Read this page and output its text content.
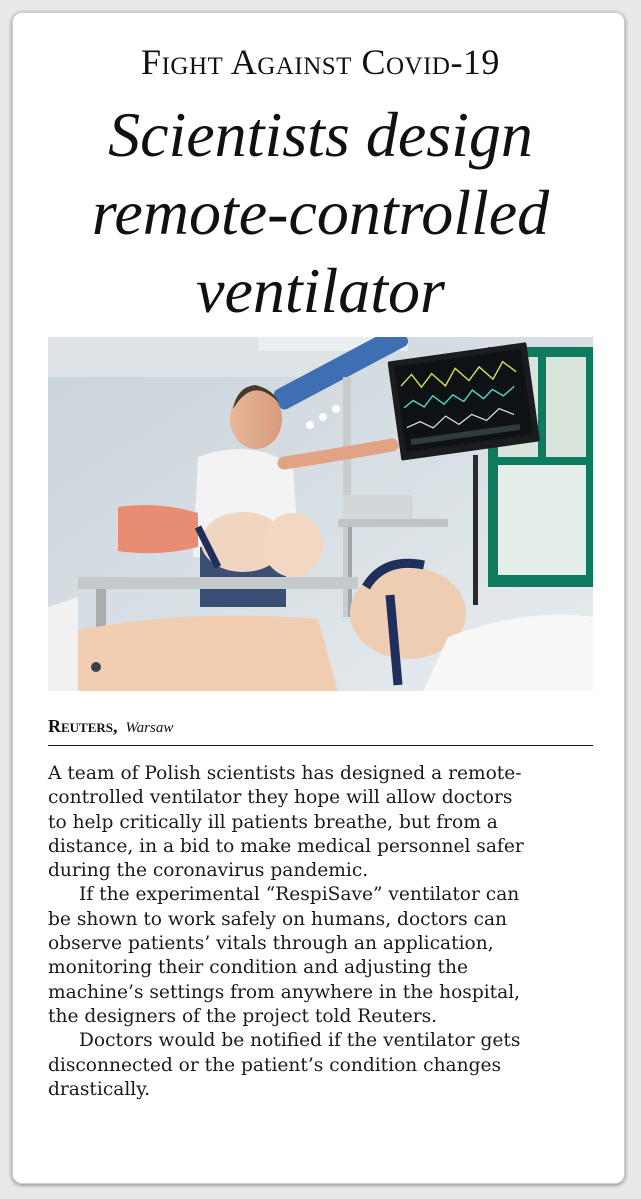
Fight Against Covid-19
Scientists design
remote-controlled
ventilator
Reuters, Warsaw

A team of Polish scientists has designed a remote-
controlled ventilator they hope will allow doctors
to help critically ill patients breathe, but from a
distance, in a bid to make medical personnel safer
during the coronavirus pandemic.

If the experimental “RespiSave” ventilator can
be shown to work safely on humans, doctors can
observe patients’ vitals through an application,
monitoring their condition and adjusting the
machine’s settings from anywhere in the hospital,
the designers of the project told Reuters.

Doctors would be notified if the ventilator gets
disconnected or the patient’s condition changes
drastically.
